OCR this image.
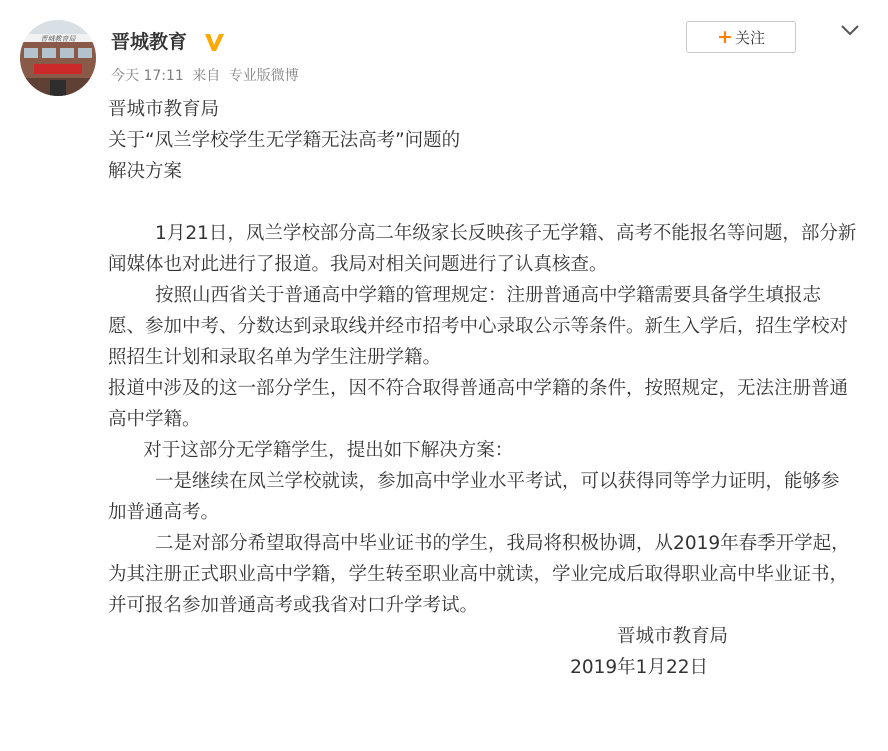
晋城教育局	晋城教育
今天 17:11 来自 专业版微博
+ 关注

晋城市教育局

关于“凤兰学校学生无学籍无法高考”问题的

解决方案

1月21日，凤兰学校部分高二年级家长反映孩子无学籍、高考不能报名等问题，部分新闻媒体也对此进行了报道。我局对相关问题进行了认真核查。

按照山西省关于普通高中学籍的管理规定：注册普通高中学籍需要具备学生填报志愿、参加中考、分数达到录取线并经市招考中心录取公示等条件。新生入学后，招生学校对照招生计划和录取名单为学生注册学籍。

报道中涉及的这一部分学生，因不符合取得普通高中学籍的条件，按照规定，无法注册普通高中学籍。

对于这部分无学籍学生，提出如下解决方案：

一是继续在凤兰学校就读，参加高中学业水平考试，可以获得同等学力证明，能够参加普通高考。

二是对部分希望取得高中毕业证书的学生，我局将积极协调，从2019年春季开学起，为其注册正式职业高中学籍，学生转至职业高中就读，学业完成后取得职业高中毕业证书，并可报名参加普通高考或我省对口升学考试。

晋城市教育局

2019年1月22日
